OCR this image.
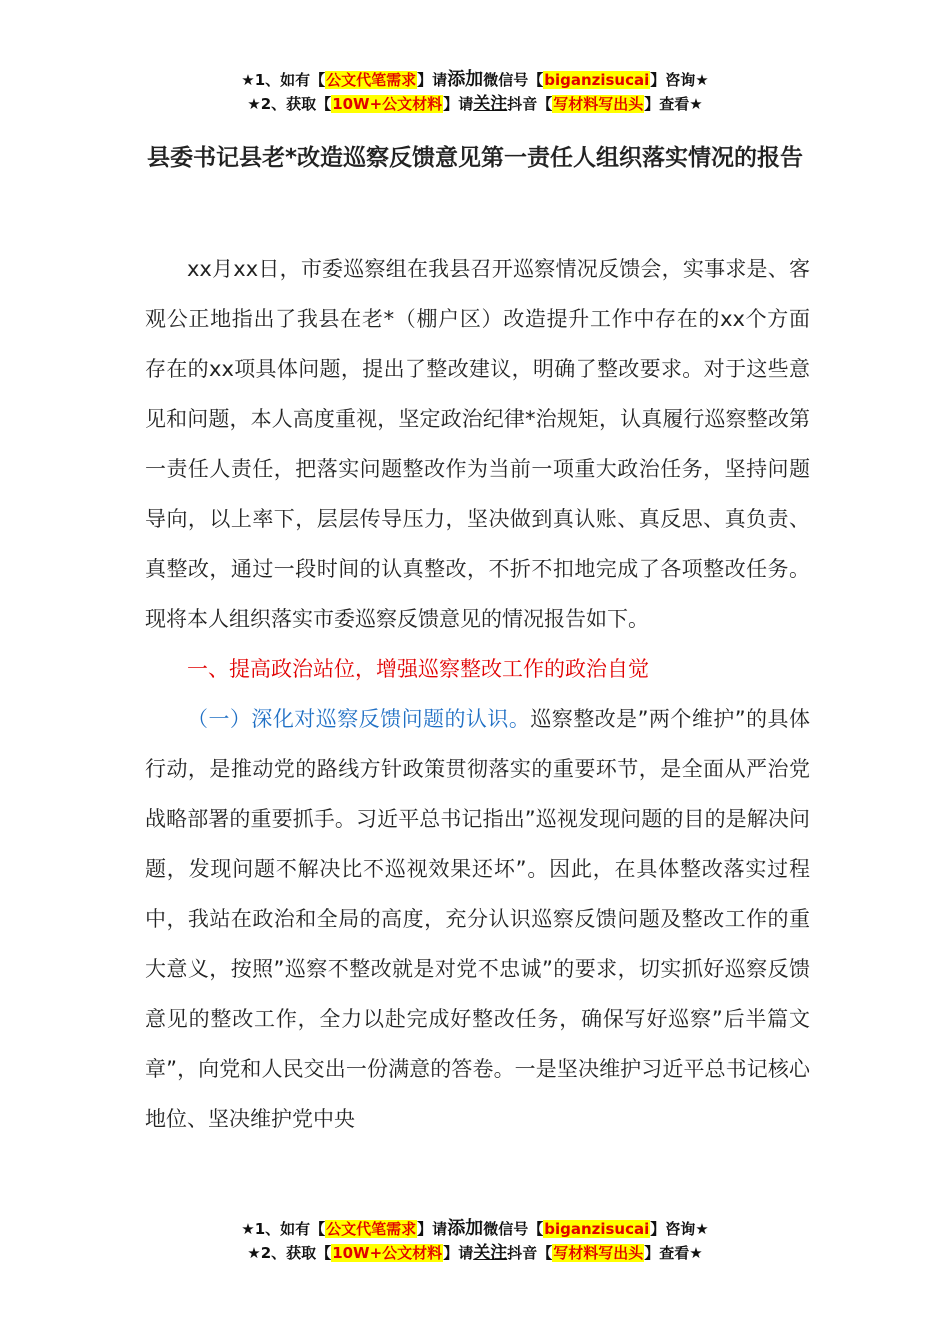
★1、如有【公文代笔需求】请添加微信号【biganzisucai】咨询★
★2、获取【10W+公文材料】请关注抖音【写材料写出头】查看★
县委书记县老*改造巡察反馈意见第一责任人组织落实情况的报告

xx月xx日，市委巡察组在我县召开巡察情况反馈会，实事求是、客观公正地指出了我县在老*（棚户区）改造提升工作中存在的xx个方面存在的xx项具体问题，提出了整改建议，明确了整改要求。对于这些意见和问题，本人高度重视，坚定政治纪律*治规矩，认真履行巡察整改第一责任人责任，把落实问题整改作为当前一项重大政治任务，坚持问题导向，以上率下，层层传导压力，坚决做到真认账、真反思、真负责、真整改，通过一段时间的认真整改，不折不扣地完成了各项整改任务。现将本人组织落实市委巡察反馈意见的情况报告如下。

一、提高政治站位，增强巡察整改工作的政治自觉

（一）深化对巡察反馈问题的认识。巡察整改是”两个维护”的具体行动，是推动党的路线方针政策贯彻落实的重要环节，是全面从严治党战略部署的重要抓手。习近平总书记指出”巡视发现问题的目的是解决问题，发现问题不解决比不巡视效果还坏”。因此，在具体整改落实过程中，我站在政治和全局的高度，充分认识巡察反馈问题及整改工作的重大意义，按照”巡察不整改就是对党不忠诚”的要求，切实抓好巡察反馈意见的整改工作，全力以赴完成好整改任务，确保写好巡察”后半篇文章”，向党和人民交出一份满意的答卷。一是坚决维护习近平总书记核心地位、坚决维护党中央

★1、如有【公文代笔需求】请添加微信号【biganzisucai】咨询★
★2、获取【10W+公文材料】请关注抖音【写材料写出头】查看★
